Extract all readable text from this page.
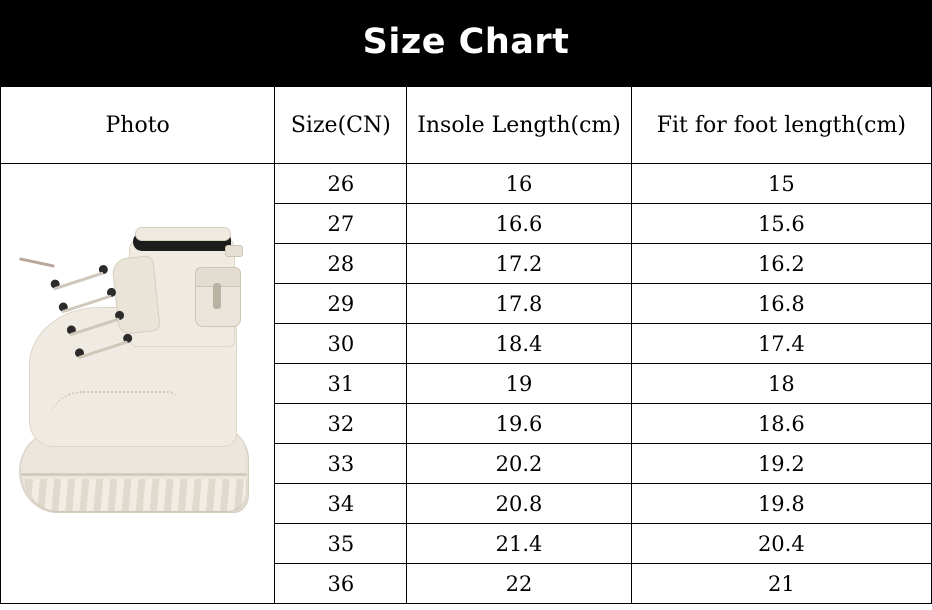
Size Chart
Photo	Size(CN)	Insole Length(cm)	Fit for foot length(cm)

	26	16	15
	27	16.6	15.6
	28	17.2	16.2
	29	17.8	16.8
	30	18.4	17.4
	31	19	18
	32	19.6	18.6
	33	20.2	19.2
	34	20.8	19.8
	35	21.4	20.4
	36	22	21
